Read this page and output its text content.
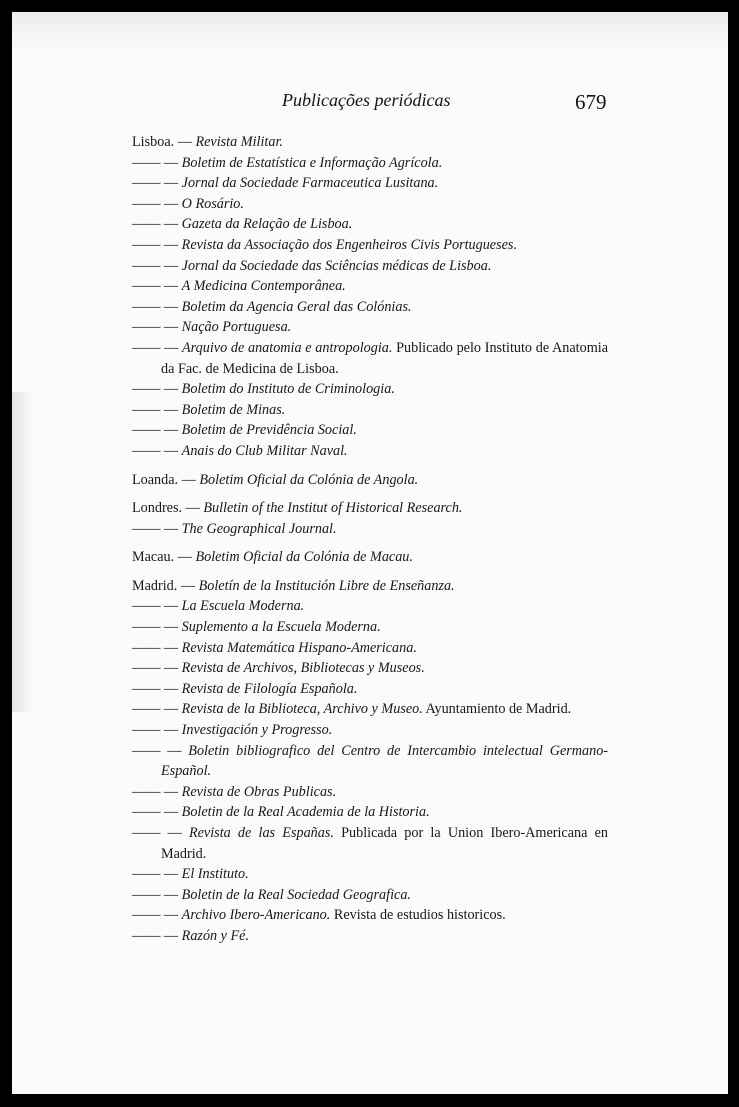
Publicações periódicas	679
Lisboa. — Revista Militar.
—— — Boletim de Estatística e Informação Agrícola.
—— — Jornal da Sociedade Farmaceutica Lusitana.
—— — O Rosário.
—— — Gazeta da Relação de Lisboa.
—— — Revista da Associação dos Engenheiros Civis Portugueses.
—— — Jornal da Sociedade das Sciências médicas de Lisboa.
—— — A Medicina Contemporânea.
—— — Boletim da Agencia Geral das Colónias.
—— — Nação Portuguesa.
—— — Arquivo de anatomia e antropologia. Publicado pelo Instituto de Anatomia da Fac. de Medicina de Lisboa.
—— — Boletim do Instituto de Criminologia.
—— — Boletim de Minas.
—— — Boletim de Previdência Social.
—— — Anais do Club Militar Naval.
Loanda. — Boletim Oficial da Colónia de Angola.
Londres. — Bulletin of the Institut of Historical Research.
—— — The Geographical Journal.
Macau. — Boletim Oficial da Colónia de Macau.
Madrid. — Boletín de la Institución Libre de Enseñanza.
—— — La Escuela Moderna.
—— — Suplemento a la Escuela Moderna.
—— — Revista Matemática Hispano-Americana.
—— — Revista de Archivos, Bibliotecas y Museos.
—— — Revista de Filología Española.
—— — Revista de la Biblioteca, Archivo y Museo. Ayuntamiento de Madrid.
—— — Investigación y Progresso.
—— — Boletin bibliografico del Centro de Intercambio intelectual Germano-Español.
—— — Revista de Obras Publicas.
—— — Boletin de la Real Academia de la Historia.
—— — Revista de las Españas. Publicada por la Union Ibero-Americana en Madrid.
—— — El Instituto.
—— — Boletin de la Real Sociedad Geografica.
—— — Archivo Ibero-Americano. Revista de estudios historicos.
—— — Razón y Fé.
